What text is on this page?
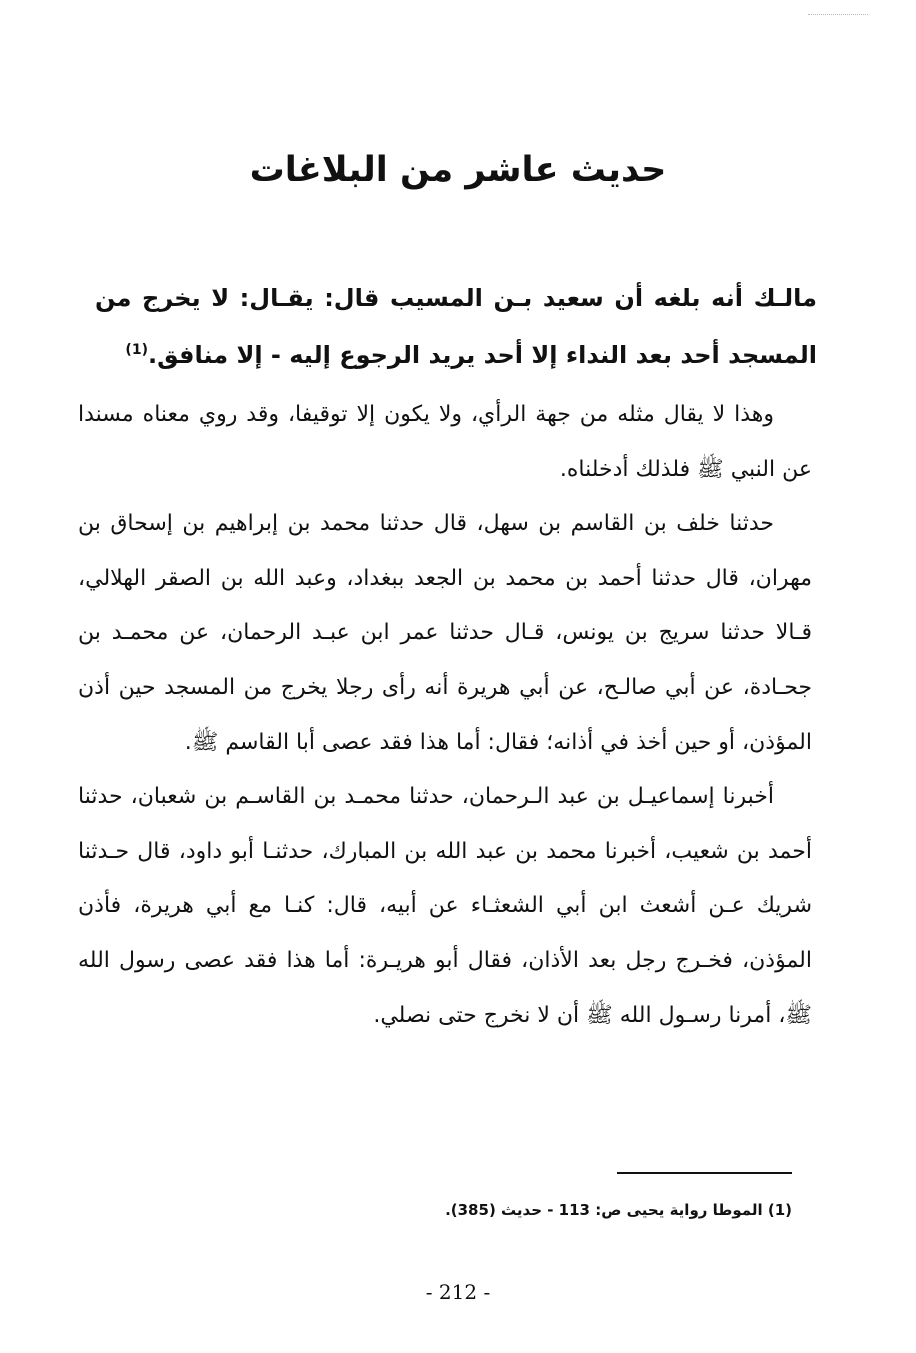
حديث عاشر من البلاغات
مالـك أنه بلغه أن سعيد بـن المسيب قال: يقـال: لا يخرج من المسجد أحد بعد النداء إلا أحد يريد الرجوع إليه - إلا منافق.$^{(1)}$

وهذا لا يقال مثله من جهة الرأي، ولا يكون إلا توقيفا، وقد روي معناه مسندا عن النبي ﷺ فلذلك أدخلناه.

حدثنا خلف بن القاسم بن سهل، قال حدثنا محمد بن إبراهيم بن إسحاق بن مهران، قال حدثنا أحمد بن محمد بن الجعد ببغداد، وعبد الله بن الصقر الهلالي، قـالا حدثنا سريج بن يونس، قـال حدثنا عمر ابن عبـد الرحمان، عن محمـد بن جحـادة، عن أبي صالـح، عن أبي هريرة أنه رأى رجلا يخرج من المسجد حين أذن المؤذن، أو حين أخذ في أذانه؛ فقال: أما هذا فقد عصى أبا القاسم ﷺ.

أخبرنا إسماعيـل بن عبد الـرحمان، حدثنا محمـد بن القاسـم بن شعبان، حدثنا أحمد بن شعيب، أخبرنا محمد بن عبد الله بن المبارك، حدثنـا أبو داود، قال حـدثنا شريك عـن أشعث ابن أبي الشعثـاء عن أبيه، قال: كنـا مع أبي هريرة، فأذن المؤذن، فخـرج رجل بعد الأذان، فقال أبو هريـرة: أما هذا فقد عصى رسول الله ﷺ، أمرنا رسـول الله ﷺ أن لا نخرج حتى نصلي.

(1) الموطا رواية يحيى ص: 113 - حديث (385).
- 212 -
